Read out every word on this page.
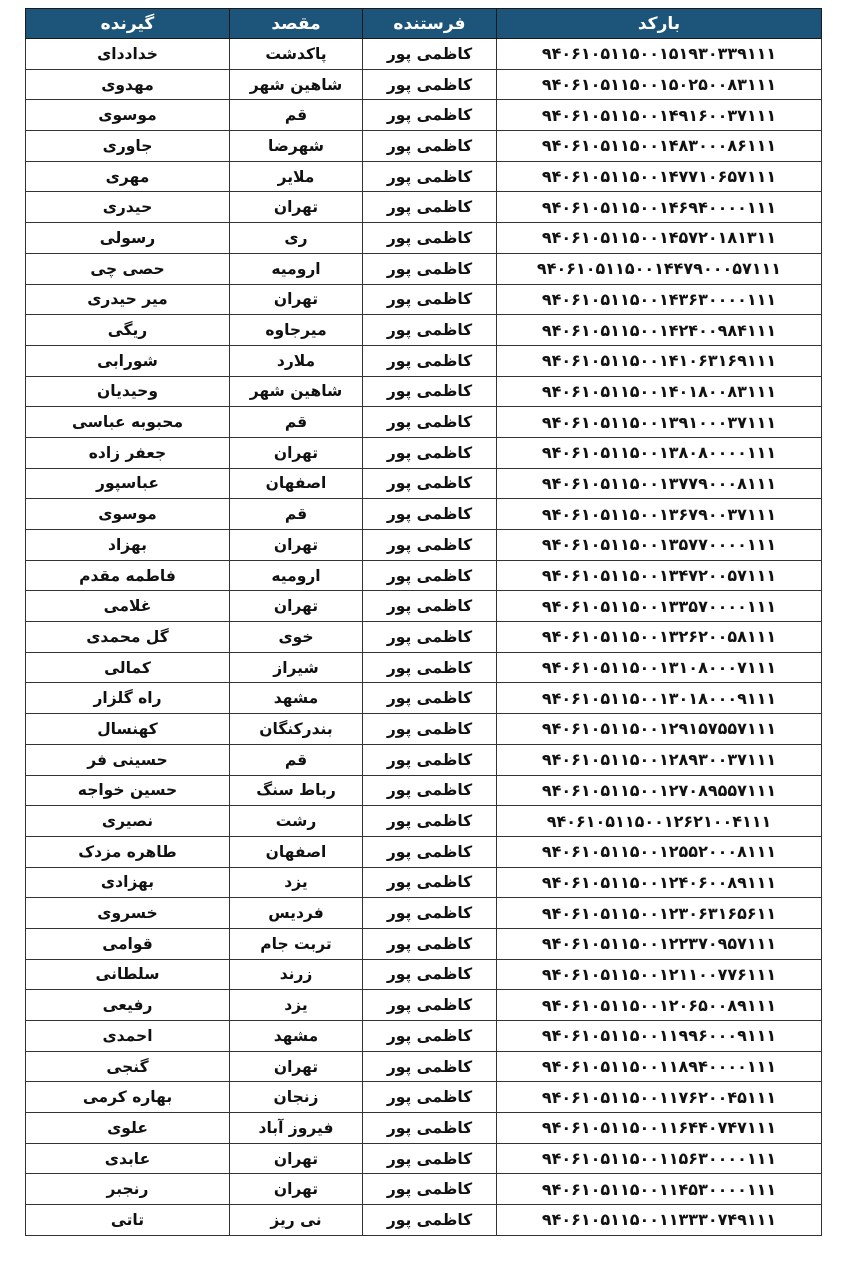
بارکد	فرستنده	مقصد	گیرنده
۹۴۰۶۱۰۵۱۱۵۰۰۱۵۱۹۳۰۳۳۹۱۱۱	کاظمی پور	پاکدشت	خداددای
۹۴۰۶۱۰۵۱۱۵۰۰۱۵۰۲۵۰۰۸۳۱۱۱	کاظمی پور	شاهین شهر	مهدوی
۹۴۰۶۱۰۵۱۱۵۰۰۱۴۹۱۶۰۰۳۷۱۱۱	کاظمی پور	قم	موسوی
۹۴۰۶۱۰۵۱۱۵۰۰۱۴۸۳۰۰۰۸۶۱۱۱	کاظمی پور	شهرضا	جاوری
۹۴۰۶۱۰۵۱۱۵۰۰۱۴۷۷۱۰۶۵۷۱۱۱	کاظمی پور	ملایر	مهری
۹۴۰۶۱۰۵۱۱۵۰۰۱۴۶۹۴۰۰۰۰۱۱۱	کاظمی پور	تهران	حیدری
۹۴۰۶۱۰۵۱۱۵۰۰۱۴۵۷۲۰۱۸۱۳۱۱	کاظمی پور	ری	رسولی
۹۴۰۶۱۰۵۱۱۵۰۰۱۴۴۷۹۰۰۰۵۷۱۱۱	کاظمی پور	ارومیه	حصی چی
۹۴۰۶۱۰۵۱۱۵۰۰۱۴۳۶۳۰۰۰۰۱۱۱	کاظمی پور	تهران	میر حیدری
۹۴۰۶۱۰۵۱۱۵۰۰۱۴۲۴۰۰۹۸۴۱۱۱	کاظمی پور	میرجاوه	ریگی
۹۴۰۶۱۰۵۱۱۵۰۰۱۴۱۰۶۳۱۶۹۱۱۱	کاظمی پور	ملارد	شورابی
۹۴۰۶۱۰۵۱۱۵۰۰۱۴۰۱۸۰۰۸۳۱۱۱	کاظمی پور	شاهین شهر	وحیدیان
۹۴۰۶۱۰۵۱۱۵۰۰۱۳۹۱۰۰۰۳۷۱۱۱	کاظمی پور	قم	محبوبه عباسی
۹۴۰۶۱۰۵۱۱۵۰۰۱۳۸۰۸۰۰۰۰۱۱۱	کاظمی پور	تهران	جعفر زاده
۹۴۰۶۱۰۵۱۱۵۰۰۱۳۷۷۹۰۰۰۸۱۱۱	کاظمی پور	اصفهان	عباسپور
۹۴۰۶۱۰۵۱۱۵۰۰۱۳۶۷۹۰۰۳۷۱۱۱	کاظمی پور	قم	موسوی
۹۴۰۶۱۰۵۱۱۵۰۰۱۳۵۷۷۰۰۰۰۱۱۱	کاظمی پور	تهران	بهزاد
۹۴۰۶۱۰۵۱۱۵۰۰۱۳۴۷۲۰۰۵۷۱۱۱	کاظمی پور	ارومیه	فاطمه مقدم
۹۴۰۶۱۰۵۱۱۵۰۰۱۳۳۵۷۰۰۰۰۱۱۱	کاظمی پور	تهران	غلامی
۹۴۰۶۱۰۵۱۱۵۰۰۱۳۲۶۲۰۰۵۸۱۱۱	کاظمی پور	خوی	گل محمدی
۹۴۰۶۱۰۵۱۱۵۰۰۱۳۱۰۸۰۰۰۷۱۱۱	کاظمی پور	شیراز	کمالی
۹۴۰۶۱۰۵۱۱۵۰۰۱۳۰۱۸۰۰۰۹۱۱۱	کاظمی پور	مشهد	راه گلزار
۹۴۰۶۱۰۵۱۱۵۰۰۱۲۹۱۵۷۵۵۷۱۱۱	کاظمی پور	بندرکنگان	کهنسال
۹۴۰۶۱۰۵۱۱۵۰۰۱۲۸۹۳۰۰۳۷۱۱۱	کاظمی پور	قم	حسینی فر
۹۴۰۶۱۰۵۱۱۵۰۰۱۲۷۰۸۹۵۵۷۱۱۱	کاظمی پور	رباط سنگ	حسین خواجه
۹۴۰۶۱۰۵۱۱۵۰۰۱۲۶۲۱۰۰۴۱۱۱	کاظمی پور	رشت	نصیری
۹۴۰۶۱۰۵۱۱۵۰۰۱۲۵۵۲۰۰۰۸۱۱۱	کاظمی پور	اصفهان	طاهره مزدک
۹۴۰۶۱۰۵۱۱۵۰۰۱۲۴۰۶۰۰۸۹۱۱۱	کاظمی پور	یزد	بهزادی
۹۴۰۶۱۰۵۱۱۵۰۰۱۲۳۰۶۳۱۶۵۶۱۱	کاظمی پور	فردیس	خسروی
۹۴۰۶۱۰۵۱۱۵۰۰۱۲۲۳۷۰۹۵۷۱۱۱	کاظمی پور	تربت جام	قوامی
۹۴۰۶۱۰۵۱۱۵۰۰۱۲۱۱۰۰۷۷۶۱۱۱	کاظمی پور	زرند	سلطانی
۹۴۰۶۱۰۵۱۱۵۰۰۱۲۰۶۵۰۰۸۹۱۱۱	کاظمی پور	یزد	رفیعی
۹۴۰۶۱۰۵۱۱۵۰۰۱۱۹۹۶۰۰۰۹۱۱۱	کاظمی پور	مشهد	احمدی
۹۴۰۶۱۰۵۱۱۵۰۰۱۱۸۹۴۰۰۰۰۱۱۱	کاظمی پور	تهران	گنجی
۹۴۰۶۱۰۵۱۱۵۰۰۱۱۷۶۲۰۰۴۵۱۱۱	کاظمی پور	زنجان	بهاره کرمی
۹۴۰۶۱۰۵۱۱۵۰۰۱۱۶۴۴۰۷۴۷۱۱۱	کاظمی پور	فیروز آباد	علوی
۹۴۰۶۱۰۵۱۱۵۰۰۱۱۵۶۳۰۰۰۰۱۱۱	کاظمی پور	تهران	عابدی
۹۴۰۶۱۰۵۱۱۵۰۰۱۱۴۵۳۰۰۰۰۱۱۱	کاظمی پور	تهران	رنجبر
۹۴۰۶۱۰۵۱۱۵۰۰۱۱۳۳۳۰۷۴۹۱۱۱	کاظمی پور	نی ریز	تاتی
